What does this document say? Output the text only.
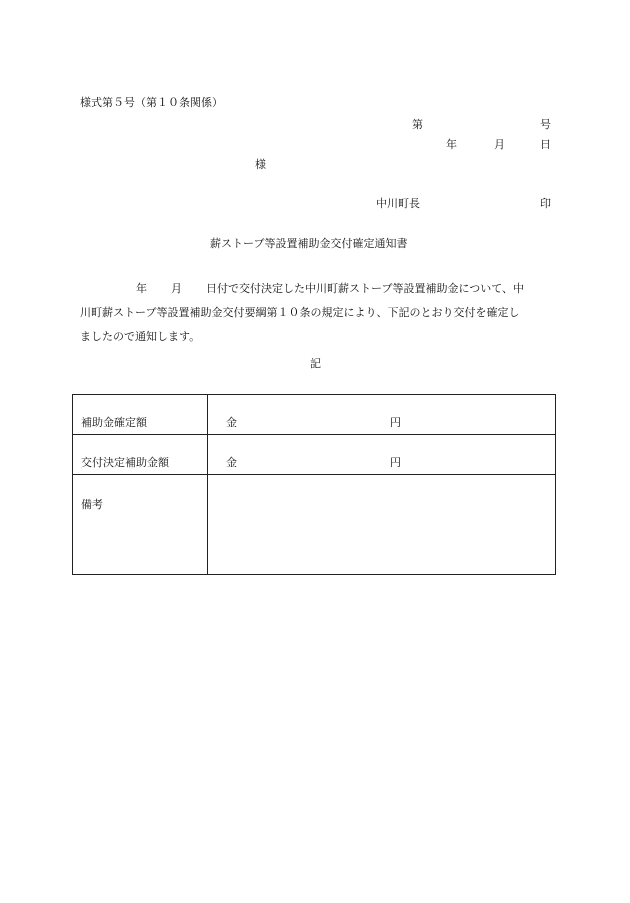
様式第５号（第１０条関係）
第	号
年	月	日
様
中川町長	印
薪ストーブ等設置補助金交付確定通知書
年 月 日付で交付決定した中川町薪ストーブ等設置補助金について、中
川町薪ストーブ等設置補助金交付要綱第１０条の規定により、下記のとおり交付を確定し
ましたので通知します。
記
補助金確定額	金 円

交付決定補助金額	金 円

備考	
